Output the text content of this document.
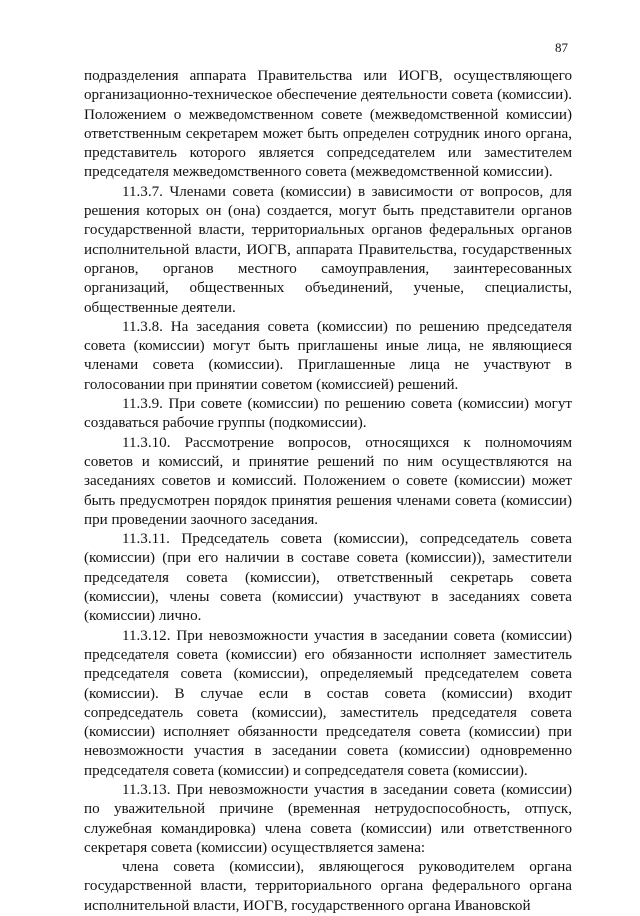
87

подразделения аппарата Правительства или ИОГВ, осуществляющего организационно-техническое обеспечение деятельности совета (комиссии). Положением о межведомственном совете (межведомственной комиссии) ответственным секретарем может быть определен сотрудник иного органа, представитель которого является сопредседателем или заместителем председателя межведомственного совета (межведомственной комиссии).

11.3.7. Членами совета (комиссии) в зависимости от вопросов, для решения которых он (она) создается, могут быть представители органов государственной власти, территориальных органов федеральных органов исполнительной власти, ИОГВ, аппарата Правительства, государственных органов, органов местного самоуправления, заинтересованных организаций, общественных объединений, ученые, специалисты, общественные деятели.

11.3.8. На заседания совета (комиссии) по решению председателя совета (комиссии) могут быть приглашены иные лица, не являющиеся членами совета (комиссии). Приглашенные лица не участвуют в голосовании при принятии советом (комиссией) решений.

11.3.9. При совете (комиссии) по решению совета (комиссии) могут создаваться рабочие группы (подкомиссии).

11.3.10. Рассмотрение вопросов, относящихся к полномочиям советов и комиссий, и принятие решений по ним осуществляются на заседаниях советов и комиссий. Положением о совете (комиссии) может быть предусмотрен порядок принятия решения членами совета (комиссии) при проведении заочного заседания.

11.3.11. Председатель совета (комиссии), сопредседатель совета (комиссии) (при его наличии в составе совета (комиссии)), заместители председателя совета (комиссии), ответственный секретарь совета (комиссии), члены совета (комиссии) участвуют в заседаниях совета (комиссии) лично.

11.3.12. При невозможности участия в заседании совета (комиссии) председателя совета (комиссии) его обязанности исполняет заместитель председателя совета (комиссии), определяемый председателем совета (комиссии). В случае если в состав совета (комиссии) входит сопредседатель совета (комиссии), заместитель председателя совета (комиссии) исполняет обязанности председателя совета (комиссии) при невозможности участия в заседании совета (комиссии) одновременно председателя совета (комиссии) и сопредседателя совета (комиссии).

11.3.13. При невозможности участия в заседании совета (комиссии) по уважительной причине (временная нетрудоспособность, отпуск, служебная командировка) члена совета (комиссии) или ответственного секретаря совета (комиссии) осуществляется замена:

члена совета (комиссии), являющегося руководителем органа государственной власти, территориального органа федерального органа исполнительной власти, ИОГВ, государственного органа Ивановской
